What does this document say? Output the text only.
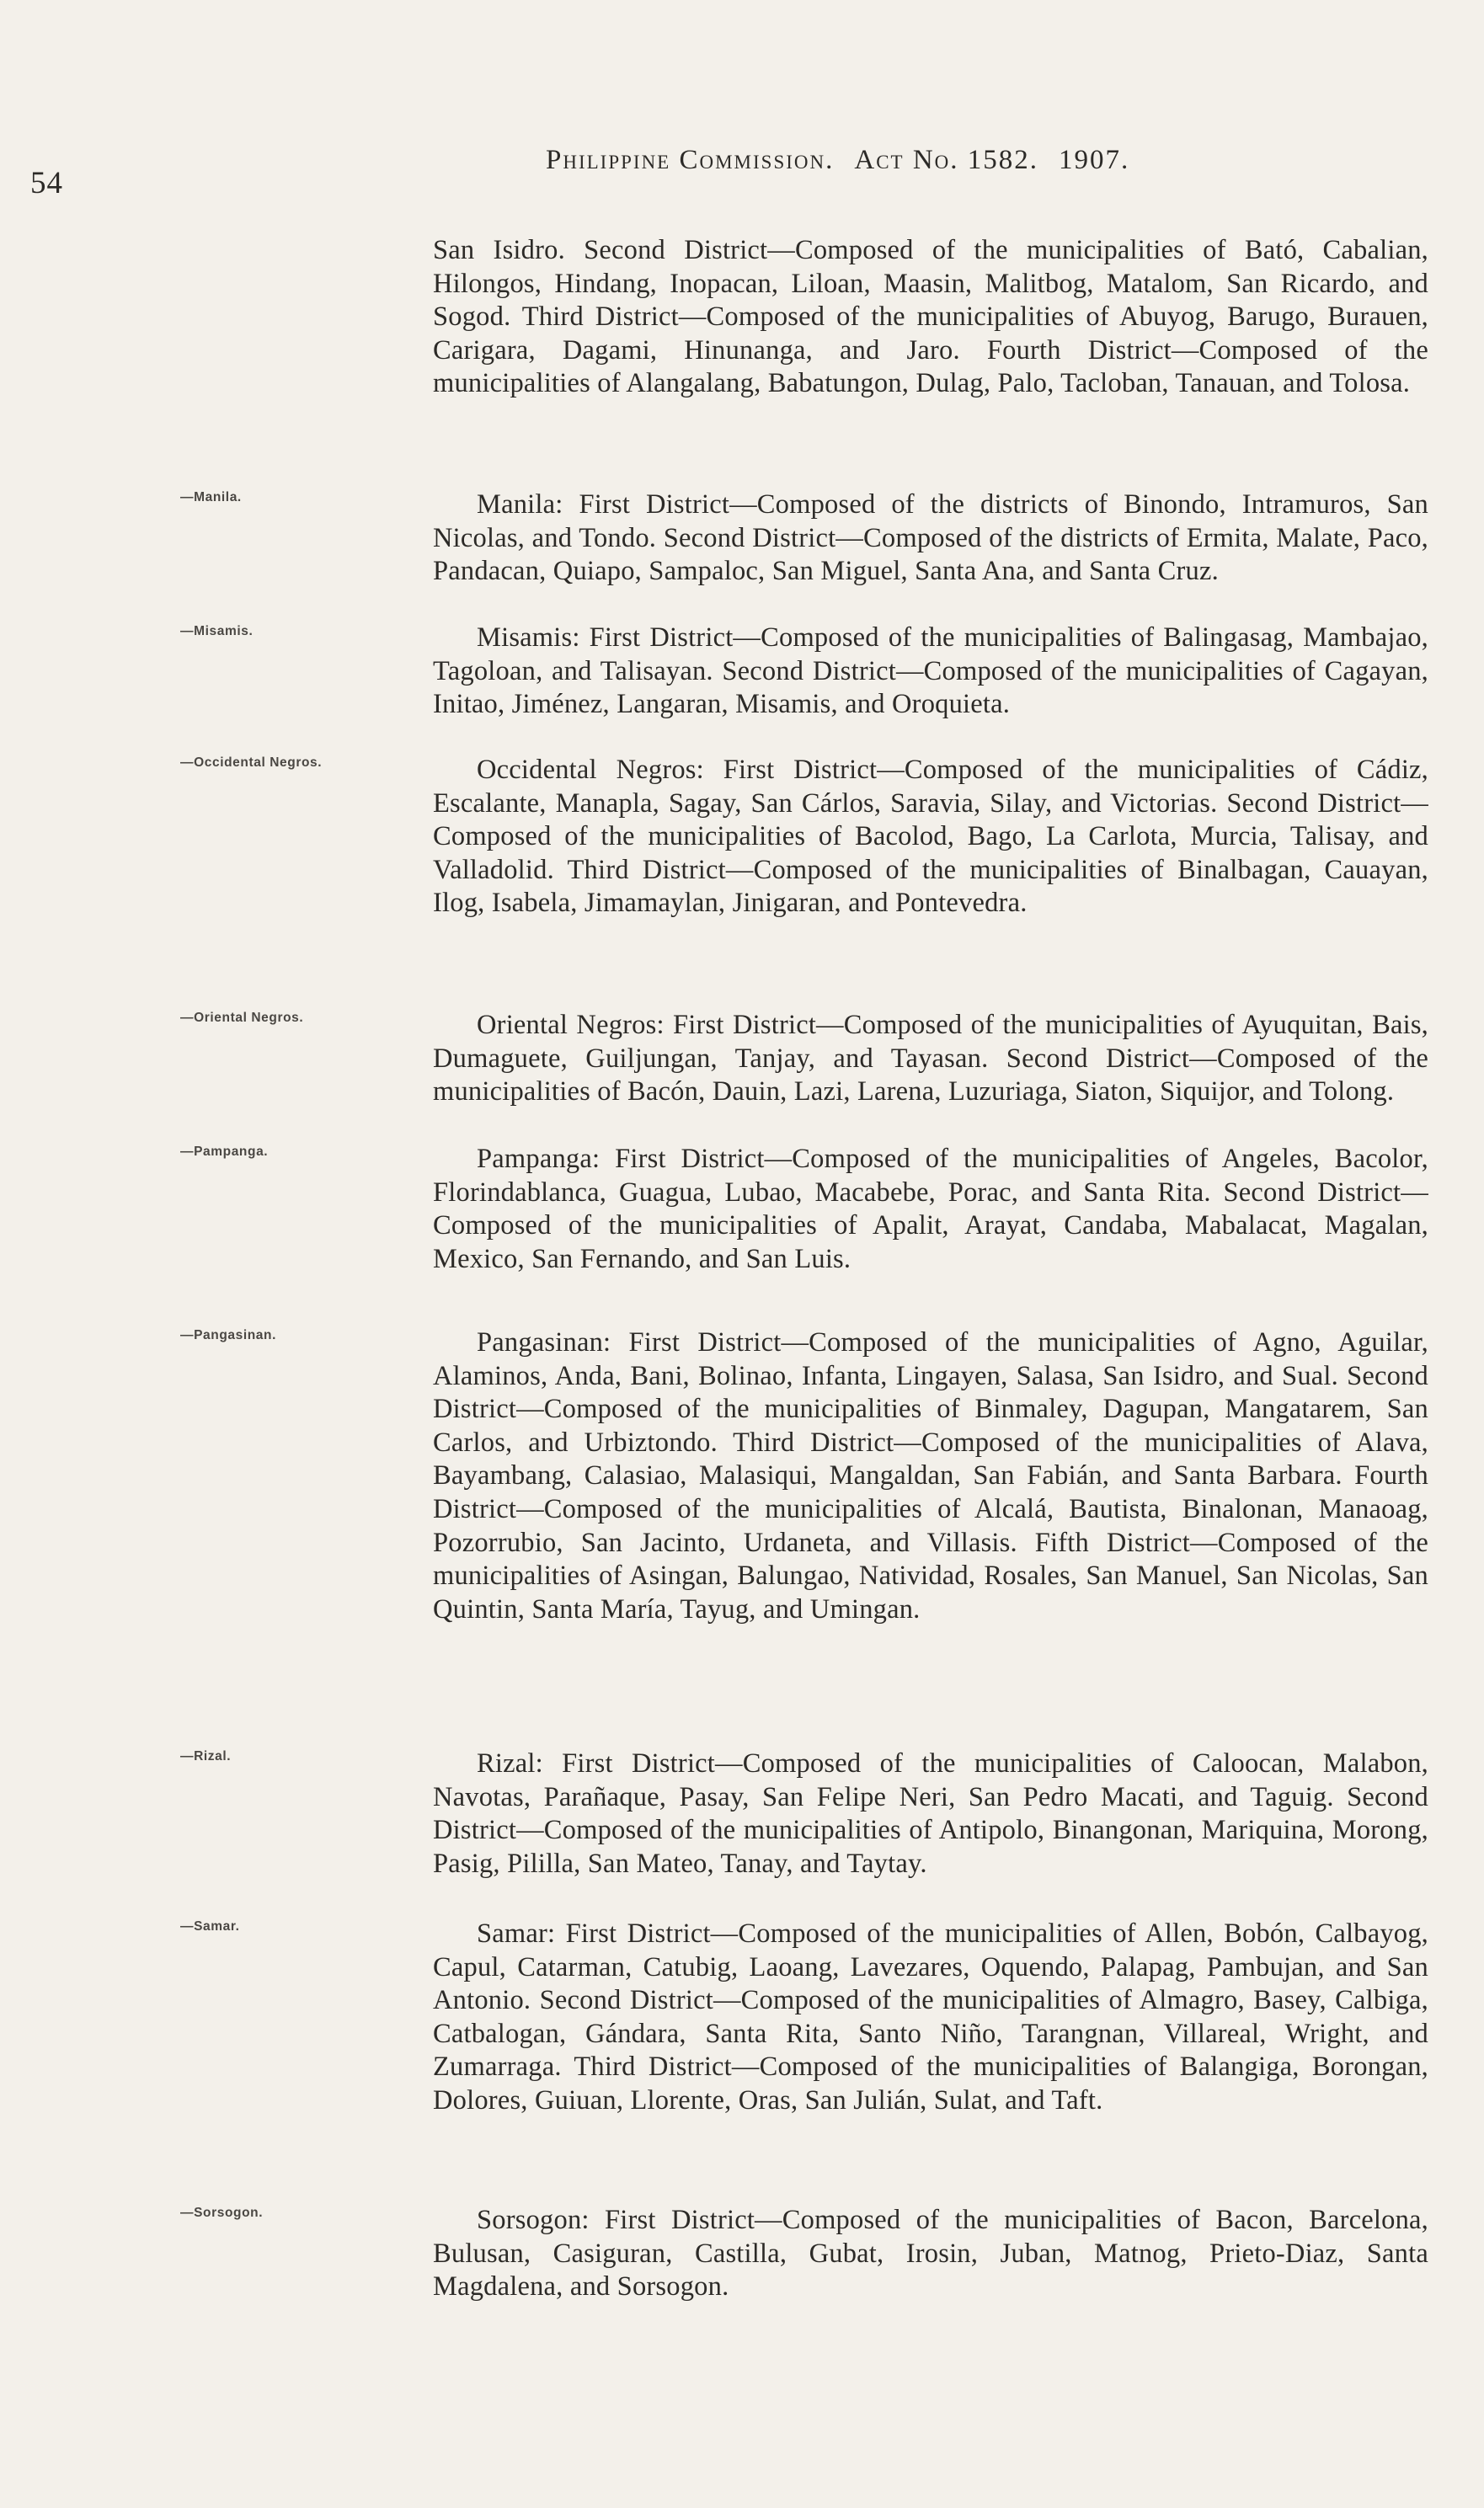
54
Philippine Commission. Act No. 1582. 1907.
San Isidro. Second District—Composed of the municipalities of Bató, Cabalian, Hilongos, Hindang, Inopacan, Liloan, Maasin, Malitbog, Matalom, San Ricardo, and Sogod. Third District—Composed of the municipalities of Abuyog, Barugo, Burauen, Carigara, Dagami, Hinunanga, and Jaro. Fourth District—Composed of the municipalities of Alangalang, Babatungon, Dulag, Palo, Tacloban, Tanauan, and Tolosa.
—Manila.
—Misamis.
—Occidental Negros.
—Oriental Negros.
—Pampanga.
—Pangasinan.
—Rizal.
—Samar.
—Sorsogon.
Manila: First District—Composed of the districts of Binondo, Intramuros, San Nicolas, and Tondo. Second District—Composed of the districts of Ermita, Malate, Paco, Pandacan, Quiapo, Sampaloc, San Miguel, Santa Ana, and Santa Cruz.
Misamis: First District—Composed of the municipalities of Balingasag, Mambajao, Tagoloan, and Talisayan. Second District—Composed of the municipalities of Cagayan, Initao, Jiménez, Langaran, Misamis, and Oroquieta.
Occidental Negros: First District—Composed of the municipalities of Cádiz, Escalante, Manapla, Sagay, San Cárlos, Saravia, Silay, and Victorias. Second District—Composed of the municipalities of Bacolod, Bago, La Carlota, Murcia, Talisay, and Valladolid. Third District—Composed of the municipalities of Binalbagan, Cauayan, Ilog, Isabela, Jimamaylan, Jinigaran, and Pontevedra.
Oriental Negros: First District—Composed of the municipalities of Ayuquitan, Bais, Dumaguete, Guiljungan, Tanjay, and Tayasan. Second District—Composed of the municipalities of Bacón, Dauin, Lazi, Larena, Luzuriaga, Siaton, Siquijor, and Tolong.
Pampanga: First District—Composed of the municipalities of Angeles, Bacolor, Florindablanca, Guagua, Lubao, Macabebe, Porac, and Santa Rita. Second District—Composed of the municipalities of Apalit, Arayat, Candaba, Mabalacat, Magalan, Mexico, San Fernando, and San Luis.
Pangasinan: First District—Composed of the municipalities of Agno, Aguilar, Alaminos, Anda, Bani, Bolinao, Infanta, Lingayen, Salasa, San Isidro, and Sual. Second District—Composed of the municipalities of Binmaley, Dagupan, Mangatarem, San Carlos, and Urbiztondo. Third District—Composed of the municipalities of Alava, Bayambang, Calasiao, Malasiqui, Mangaldan, San Fabián, and Santa Barbara. Fourth District—Composed of the municipalities of Alcalá, Bautista, Binalonan, Manaoag, Pozorrubio, San Jacinto, Urdaneta, and Villasis. Fifth District—Composed of the municipalities of Asingan, Balungao, Natividad, Rosales, San Manuel, San Nicolas, San Quintin, Santa María, Tayug, and Umingan.
Rizal: First District—Composed of the municipalities of Caloocan, Malabon, Navotas, Parañaque, Pasay, San Felipe Neri, San Pedro Macati, and Taguig. Second District—Composed of the municipalities of Antipolo, Binangonan, Mariquina, Morong, Pasig, Pililla, San Mateo, Tanay, and Taytay.
Samar: First District—Composed of the municipalities of Allen, Bobón, Calbayog, Capul, Catarman, Catubig, Laoang, Lavezares, Oquendo, Palapag, Pambujan, and San Antonio. Second District—Composed of the municipalities of Almagro, Basey, Calbiga, Catbalogan, Gándara, Santa Rita, Santo Niño, Tarangnan, Villareal, Wright, and Zumarraga. Third District—Composed of the municipalities of Balangiga, Borongan, Dolores, Guiuan, Llorente, Oras, San Julián, Sulat, and Taft.
Sorsogon: First District—Composed of the municipalities of Bacon, Barcelona, Bulusan, Casiguran, Castilla, Gubat, Irosin, Juban, Matnog, Prieto-Diaz, Santa Magdalena, and Sorsogon.
